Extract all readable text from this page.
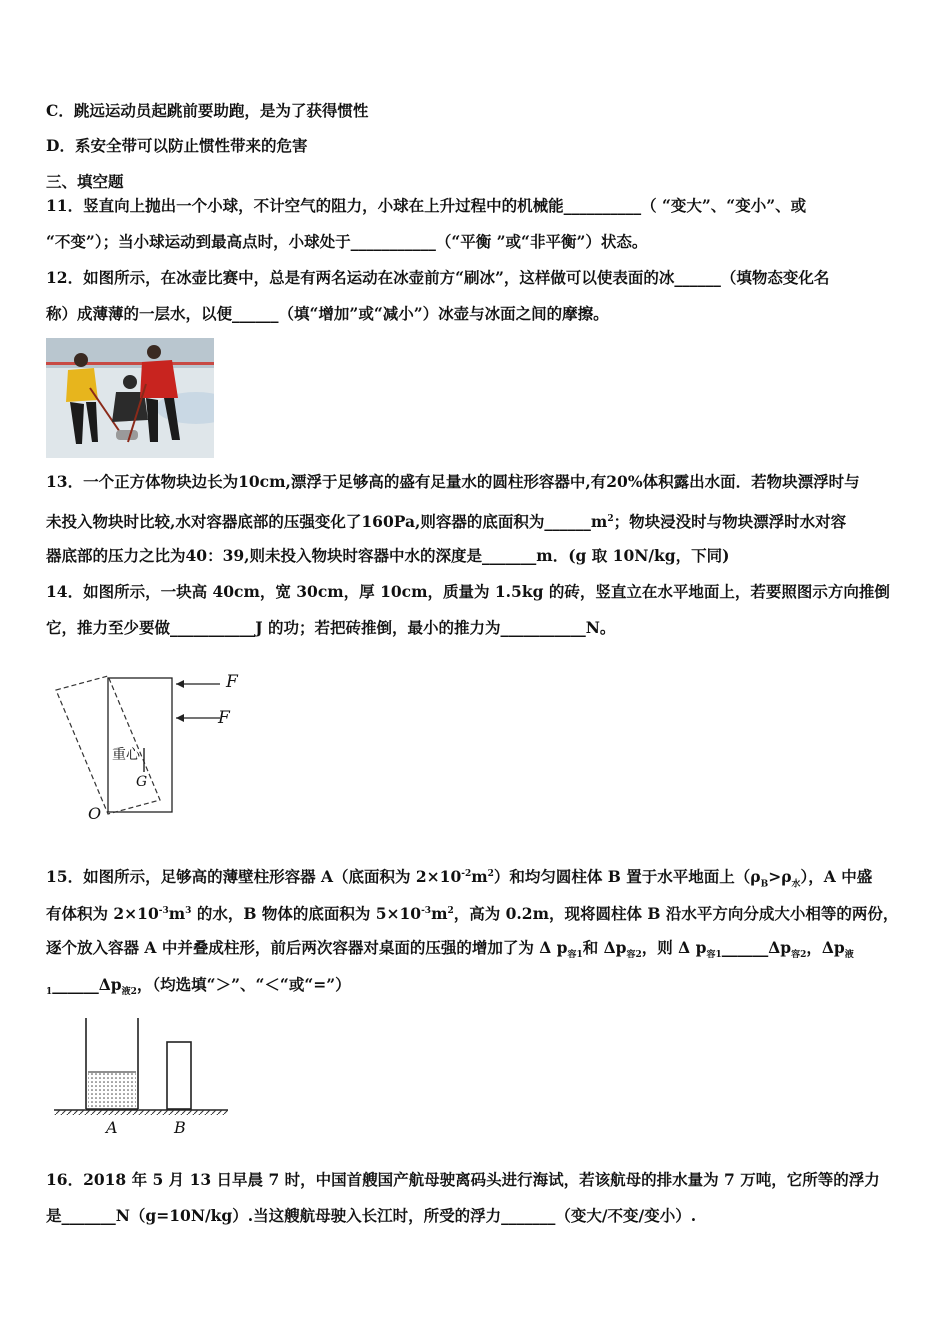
C．跳远运动员起跳前要助跑，是为了获得惯性
D．系安全带可以防止惯性带来的危害
三、填空题
11．竖直向上抛出一个小球，不计空气的阻力，小球在上升过程中的机械能__________（ “变大”、“变小”、或
“不变”）；当小球运动到最高点时，小球处于___________（“平衡 ”或“非平衡”）状态。
12．如图所示，在冰壶比赛中，总是有两名运动在冰壶前方“刷冰”，这样做可以使表面的冰______（填物态变化名
称）成薄薄的一层水，以便______（填“增加”或“减小”）冰壶与冰面之间的摩擦。
13．一个正方体物块边长为10cm,漂浮于足够高的盛有足量水的圆柱形容器中,有20%体积露出水面．若物块漂浮时与
未投入物块时比较,水对容器底部的压强变化了160Pa,则容器的底面积为$\_\_\_\_\_\_m^2$；物块浸没时与物块漂浮时水对容
器底部的压力之比为40：39,则未投入物块时容器中水的深度是_______m．(g 取 10N/kg，下同)
14．如图所示，一块高 40cm，宽 30cm，厚 10cm，质量为 1.5kg 的砖，竖直立在水平地面上，若要照图示方向推倒
它，推力至少要做___________J 的功；若把砖推倒，最小的推力为___________N。
F
F
重心
G
O
15．如图所示，足够高的薄壁柱形容器 A（底面积为 $2\times 10^{-2}m^2$）和均匀圆柱体 B 置于水平地面上$(\rho_B>\rho_水)$，A 中盛
有体积为 $2\times 10^{-3}m^3$ 的水，B 物体的底面积为 $5\times 10^{-3}m^2$，高为 0.2m，现将圆柱体 B 沿水平方向分成大小相等的两份，
逐个放入容器 A 中并叠成柱形，前后两次容器对桌面的压强的增加了为 Δ $p_{容1}$和 $\Delta p_{容2}$，则 Δ $p_{容1}\_\_\_\_\_\_\Delta p_{容2}$，$\Delta p_液$
$_1\_\_\_\_\_\_\Delta p_{液2}$，（均选填“＞”、“＜“或“=”）
A	B
16．2018 年 5 月 13 日早晨 7 时，中国首艘国产航母驶离码头进行海试，若该航母的排水量为 7 万吨，它所等的浮力
是_______N（g=10N/kg）.当这艘航母驶入长江时，所受的浮力_______（变大/不变/变小）.
